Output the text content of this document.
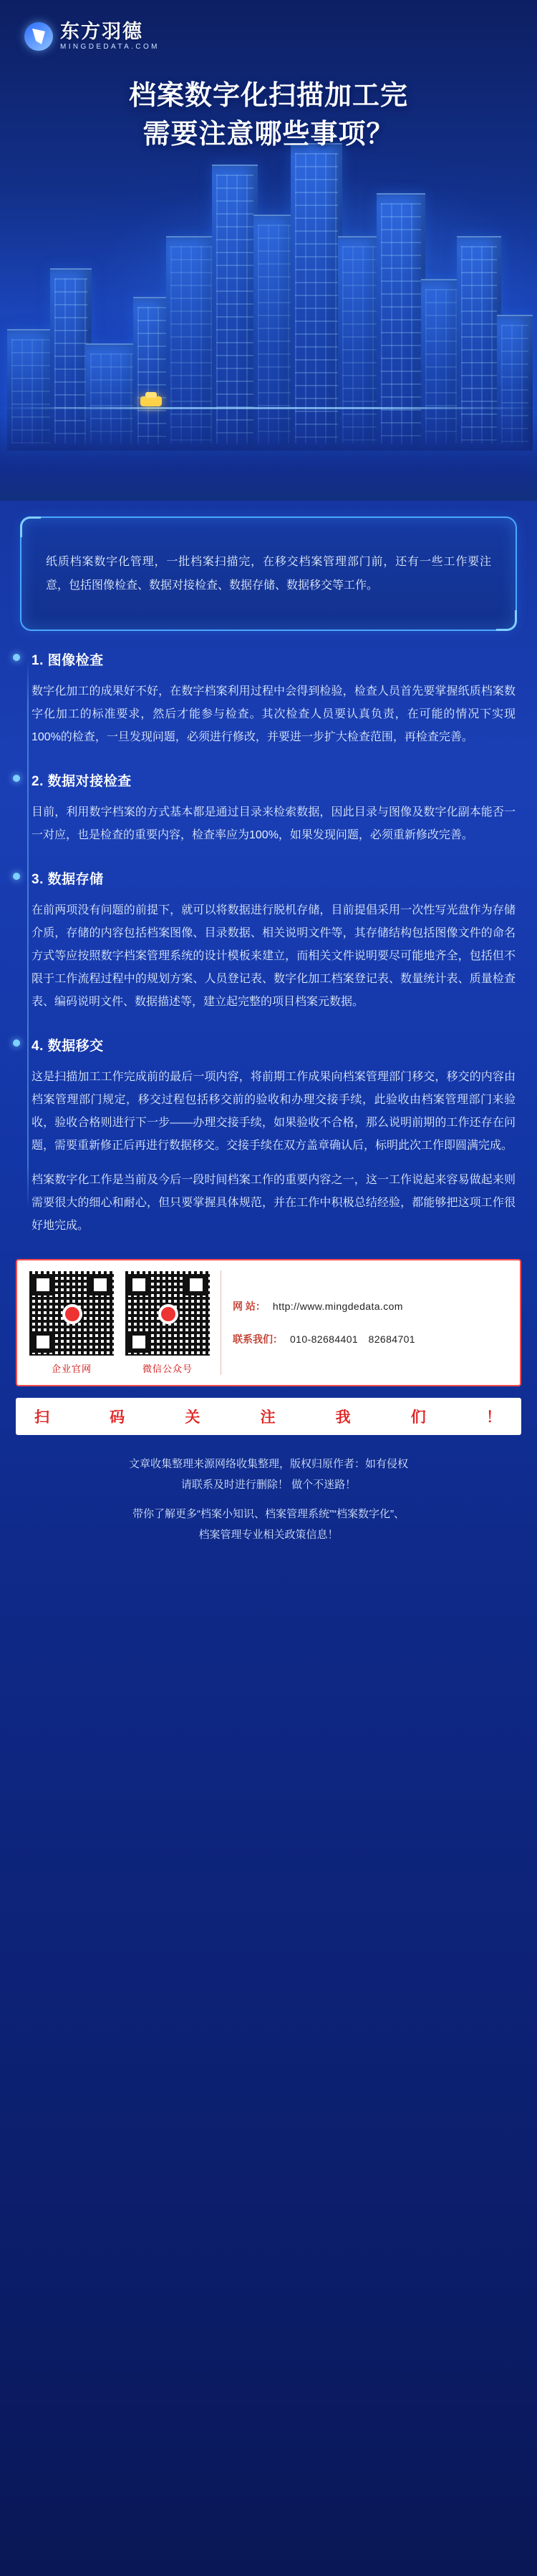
东方羽德
MINGDEDATA.COM
档案数字化扫描加工完
需要注意哪些事项？
纸质档案数字化管理，一批档案扫描完，在移交档案管理部门前，还有一些工作要注意，包括图像检查、数据对接检查、数据存储、数据移交等工作。
1. 图像检查
数字化加工的成果好不好，在数字档案利用过程中会得到检验，检查人员首先要掌握纸质档案数字化加工的标准要求，然后才能参与检查。其次检查人员要认真负责，在可能的情况下实现100%的检查，一旦发现问题，必须进行修改，并要进一步扩大检查范围，再检查完善。
2. 数据对接检查
目前，利用数字档案的方式基本都是通过目录来检索数据，因此目录与图像及数字化副本能否一一对应，也是检查的重要内容，检查率应为100%，如果发现问题，必须重新修改完善。
3. 数据存储
在前两项没有问题的前提下，就可以将数据进行脱机存储，目前提倡采用一次性写光盘作为存储介质，存储的内容包括档案图像、目录数据、相关说明文件等，其存储结构包括图像文件的命名方式等应按照数字档案管理系统的设计模板来建立，而相关文件说明要尽可能地齐全，包括但不限于工作流程过程中的规划方案、人员登记表、数字化加工档案登记表、数量统计表、质量检查表、编码说明文件、数据描述等，建立起完整的项目档案元数据。
4. 数据移交
这是扫描加工工作完成前的最后一项内容，将前期工作成果向档案管理部门移交，移交的内容由档案管理部门规定，移交过程包括移交前的验收和办理交接手续，此验收由档案管理部门来验收，验收合格则进行下一步——办理交接手续，如果验收不合格，那么说明前期的工作还存在问题，需要重新修正后再进行数据移交。交接手续在双方盖章确认后，标明此次工作即圆满完成。
档案数字化工作是当前及今后一段时间档案工作的重要内容之一，这一工作说起来容易做起来则需要很大的细心和耐心，但只要掌握具体规范，并在工作中积极总结经验，都能够把这项工作很好地完成。
企业官网	微信公众号
网 站： http://www.mingdedata.com
联系我们： 010-82684401　82684701
扫	码	关	注	我	们	！

文章收集整理来源网络收集整理，版权归原作者：如有侵权

请联系及时进行删除！ 做个不迷路！

带你了解更多“档案小知识、档案管理系统”“档案数字化”、

档案管理专业相关政策信息！
